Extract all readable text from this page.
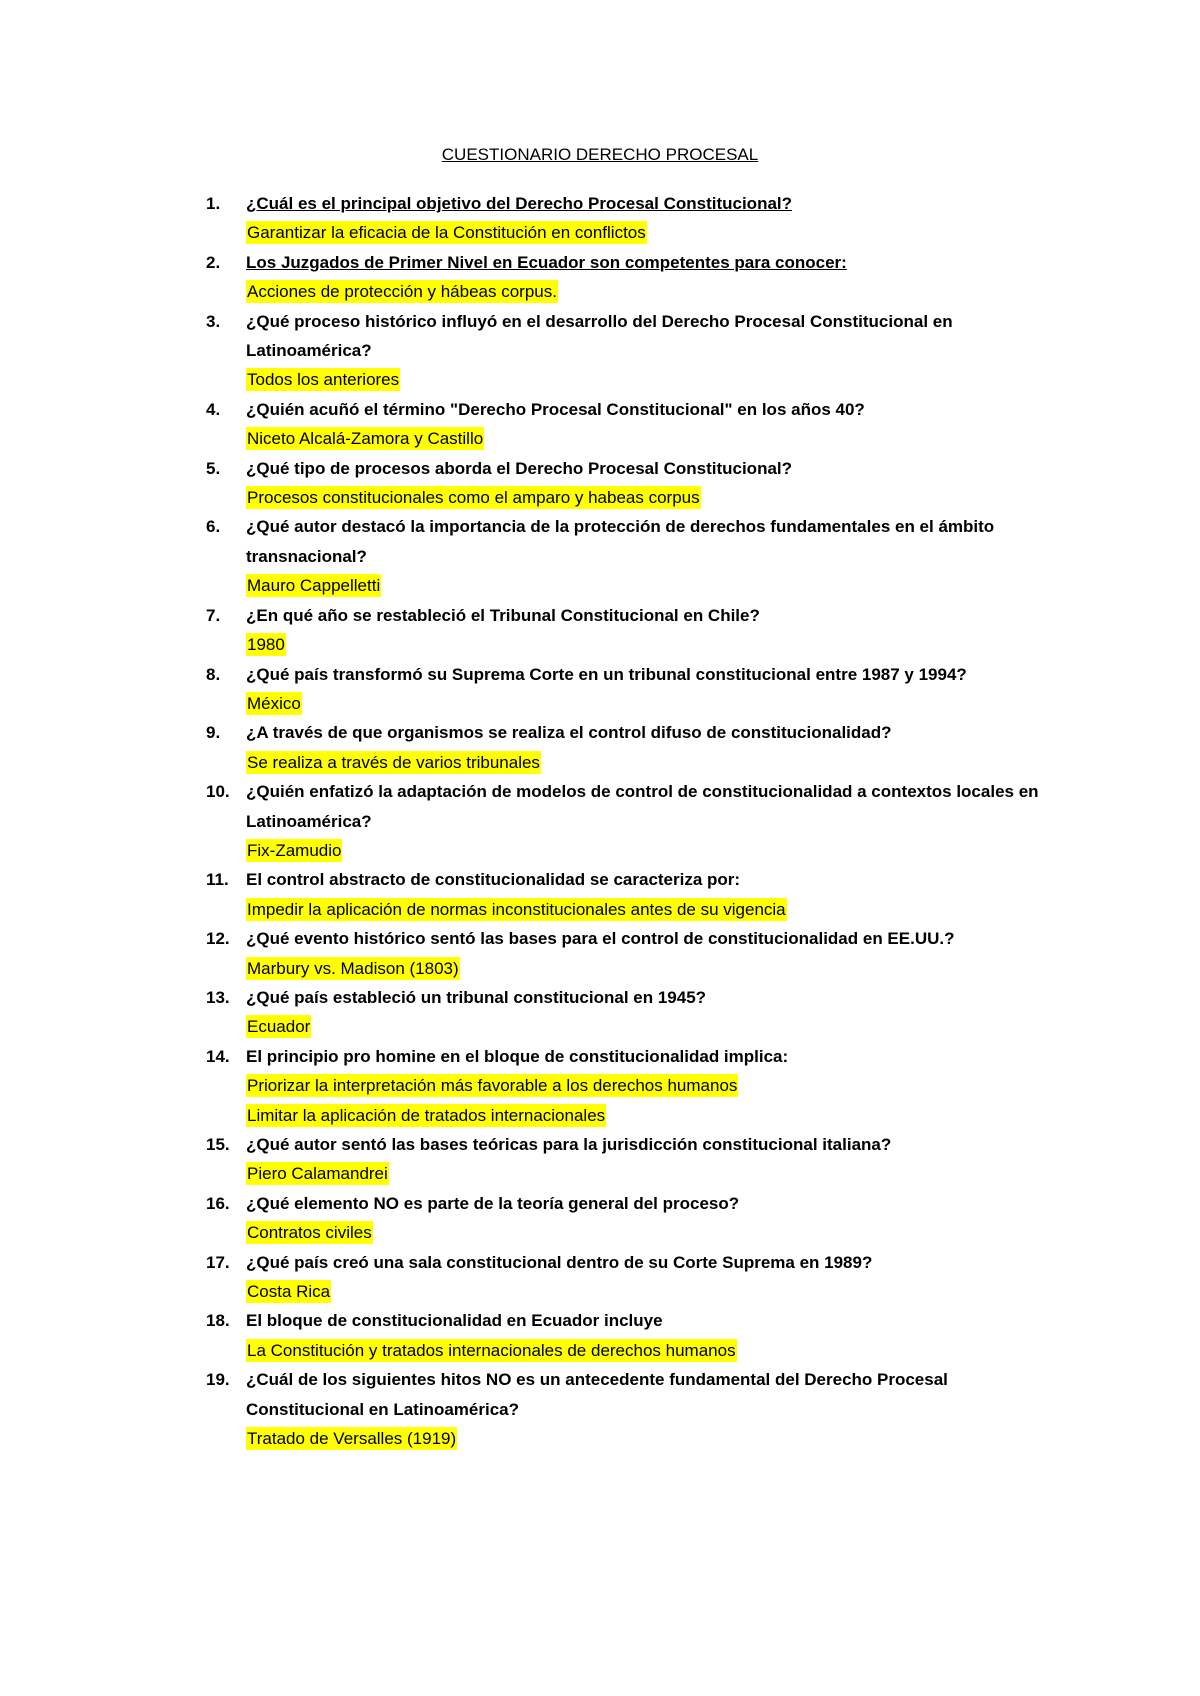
CUESTIONARIO DERECHO PROCESAL
1. ¿Cuál es el principal objetivo del Derecho Procesal Constitucional?
Garantizar la eficacia de la Constitución en conflictos
2. Los Juzgados de Primer Nivel en Ecuador son competentes para conocer:
Acciones de protección y hábeas corpus.
3. ¿Qué proceso histórico influyó en el desarrollo del Derecho Procesal Constitucional en Latinoamérica?
Todos los anteriores
4. ¿Quién acuñó el término "Derecho Procesal Constitucional" en los años 40?
Niceto Alcalá-Zamora y Castillo
5. ¿Qué tipo de procesos aborda el Derecho Procesal Constitucional?
Procesos constitucionales como el amparo y habeas corpus
6. ¿Qué autor destacó la importancia de la protección de derechos fundamentales en el ámbito transnacional?
Mauro Cappelletti
7. ¿En qué año se restableció el Tribunal Constitucional en Chile?
1980
8. ¿Qué país transformó su Suprema Corte en un tribunal constitucional entre 1987 y 1994?
México
9. ¿A través de que organismos se realiza el control difuso de constitucionalidad?
Se realiza a través de varios tribunales
10. ¿Quién enfatizó la adaptación de modelos de control de constitucionalidad a contextos locales en Latinoamérica?
Fix-Zamudio
11. El control abstracto de constitucionalidad se caracteriza por:
Impedir la aplicación de normas inconstitucionales antes de su vigencia
12. ¿Qué evento histórico sentó las bases para el control de constitucionalidad en EE.UU.?
Marbury vs. Madison (1803)
13. ¿Qué país estableció un tribunal constitucional en 1945?
Ecuador
14. El principio pro homine en el bloque de constitucionalidad implica:
Priorizar la interpretación más favorable a los derechos humanos
Limitar la aplicación de tratados internacionales
15. ¿Qué autor sentó las bases teóricas para la jurisdicción constitucional italiana?
Piero Calamandrei
16. ¿Qué elemento NO es parte de la teoría general del proceso?
Contratos civiles
17. ¿Qué país creó una sala constitucional dentro de su Corte Suprema en 1989?
Costa Rica
18. El bloque de constitucionalidad en Ecuador incluye
La Constitución y tratados internacionales de derechos humanos
19. ¿Cuál de los siguientes hitos NO es un antecedente fundamental del Derecho Procesal Constitucional en Latinoamérica?
Tratado de Versalles (1919)
